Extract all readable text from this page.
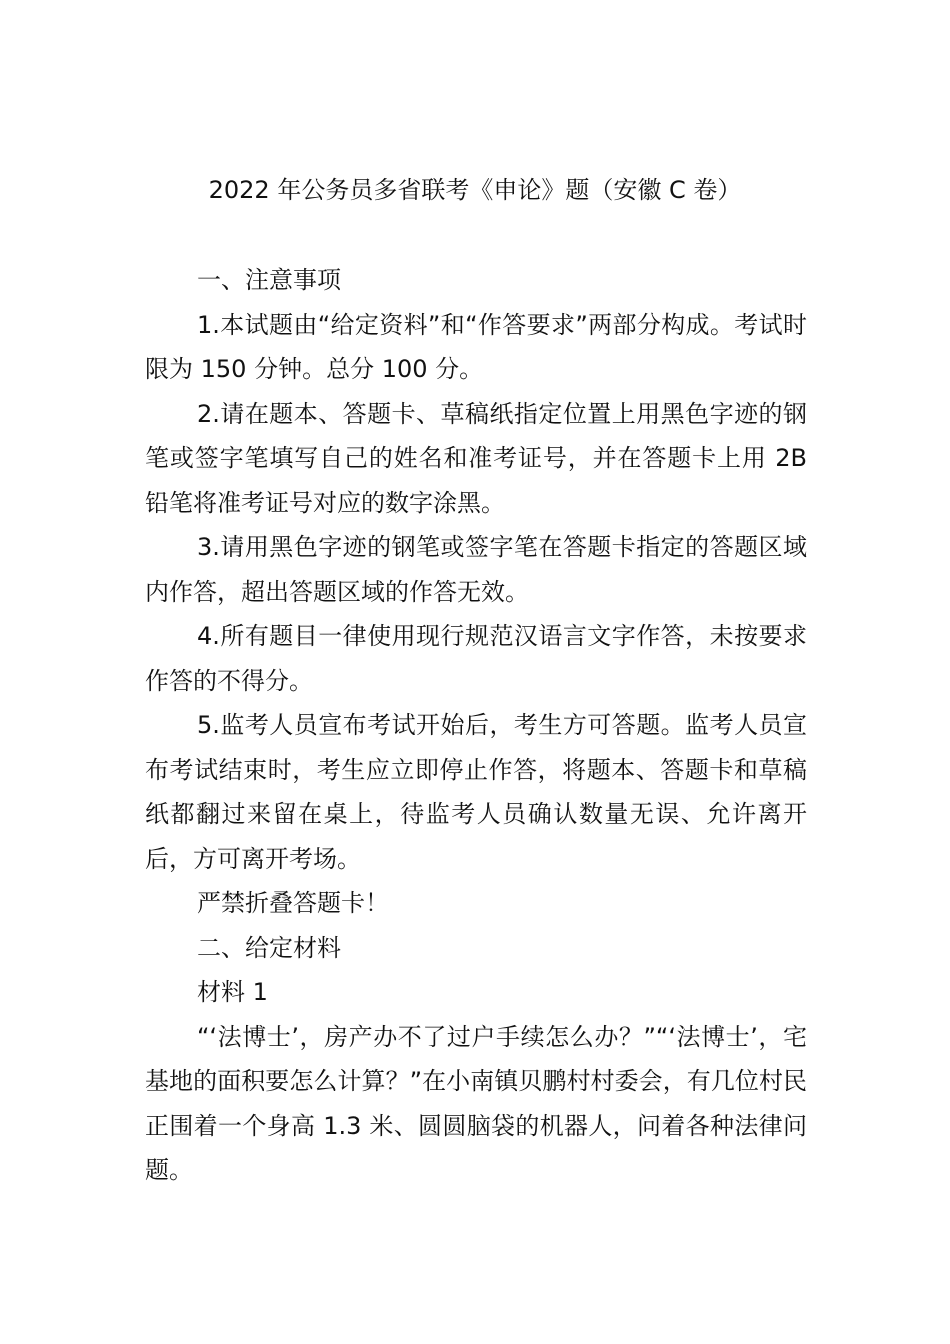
2022 年公务员多省联考《申论》题（安徽 C 卷）

一、注意事项

1.本试题由“给定资料”和“作答要求”两部分构成。考试时限为 150 分钟。总分 100 分。

2.请在题本、答题卡、草稿纸指定位置上用黑色字迹的钢笔或签字笔填写自己的姓名和准考证号，并在答题卡上用 2B 铅笔将准考证号对应的数字涂黑。

3.请用黑色字迹的钢笔或签字笔在答题卡指定的答题区域内作答，超出答题区域的作答无效。

4.所有题目一律使用现行规范汉语言文字作答，未按要求作答的不得分。

5.监考人员宣布考试开始后，考生方可答题。监考人员宣布考试结束时，考生应立即停止作答，将题本、答题卡和草稿纸都翻过来留在桌上，待监考人员确认数量无误、允许离开后，方可离开考场。

严禁折叠答题卡！

二、给定材料

材料 1

“‘法博士’，房产办不了过户手续怎么办？”“‘法博士’，宅基地的面积要怎么计算？”在小南镇贝鹏村村委会，有几位村民正围着一个身高 1.3 米、圆圆脑袋的机器人，问着各种法律问题。
